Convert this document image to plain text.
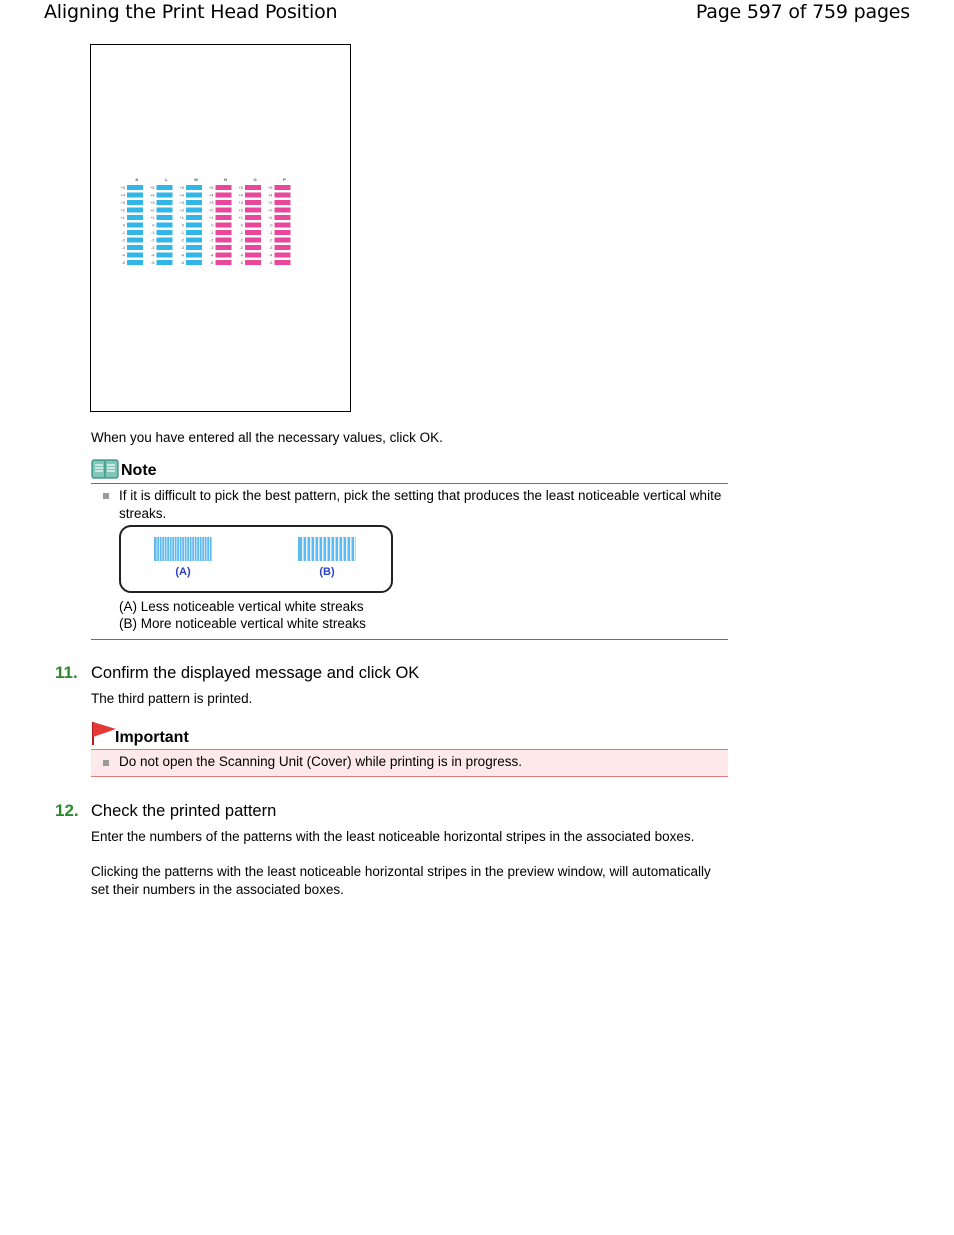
Aligning the Print Head Position	Page 597 of 759 pages
K
+5
+4
+3
+2
+1
0
-1
-2
-3
-4
-5
L
+5
+4
+3
+2
+1
0
-1
-2
-3
-4
-5
M
+5
+4
+3
+2
+1
0
-1
-2
-3
-4
-5
N
+5
+4
+3
+2
+1
0
-1
-2
-3
-4
-5
O
+5
+4
+3
+2
+1
0
-1
-2
-3
-4
-5
P
+5
+4
+3
+2
+1
0
-1
-2
-3
-4
-5
When you have entered all the necessary values, click OK.
Note
If it is difficult to pick the best pattern, pick the setting that produces the least noticeable vertical white streaks.
(A)	(B)
(A) Less noticeable vertical white streaks
(B) More noticeable vertical white streaks
11. Confirm the displayed message and click OK
The third pattern is printed.
Important
Do not open the Scanning Unit (Cover) while printing is in progress.
12. Check the printed pattern
Enter the numbers of the patterns with the least noticeable horizontal stripes in the associated boxes.
Clicking the patterns with the least noticeable horizontal stripes in the preview window, will automatically set their numbers in the associated boxes.
